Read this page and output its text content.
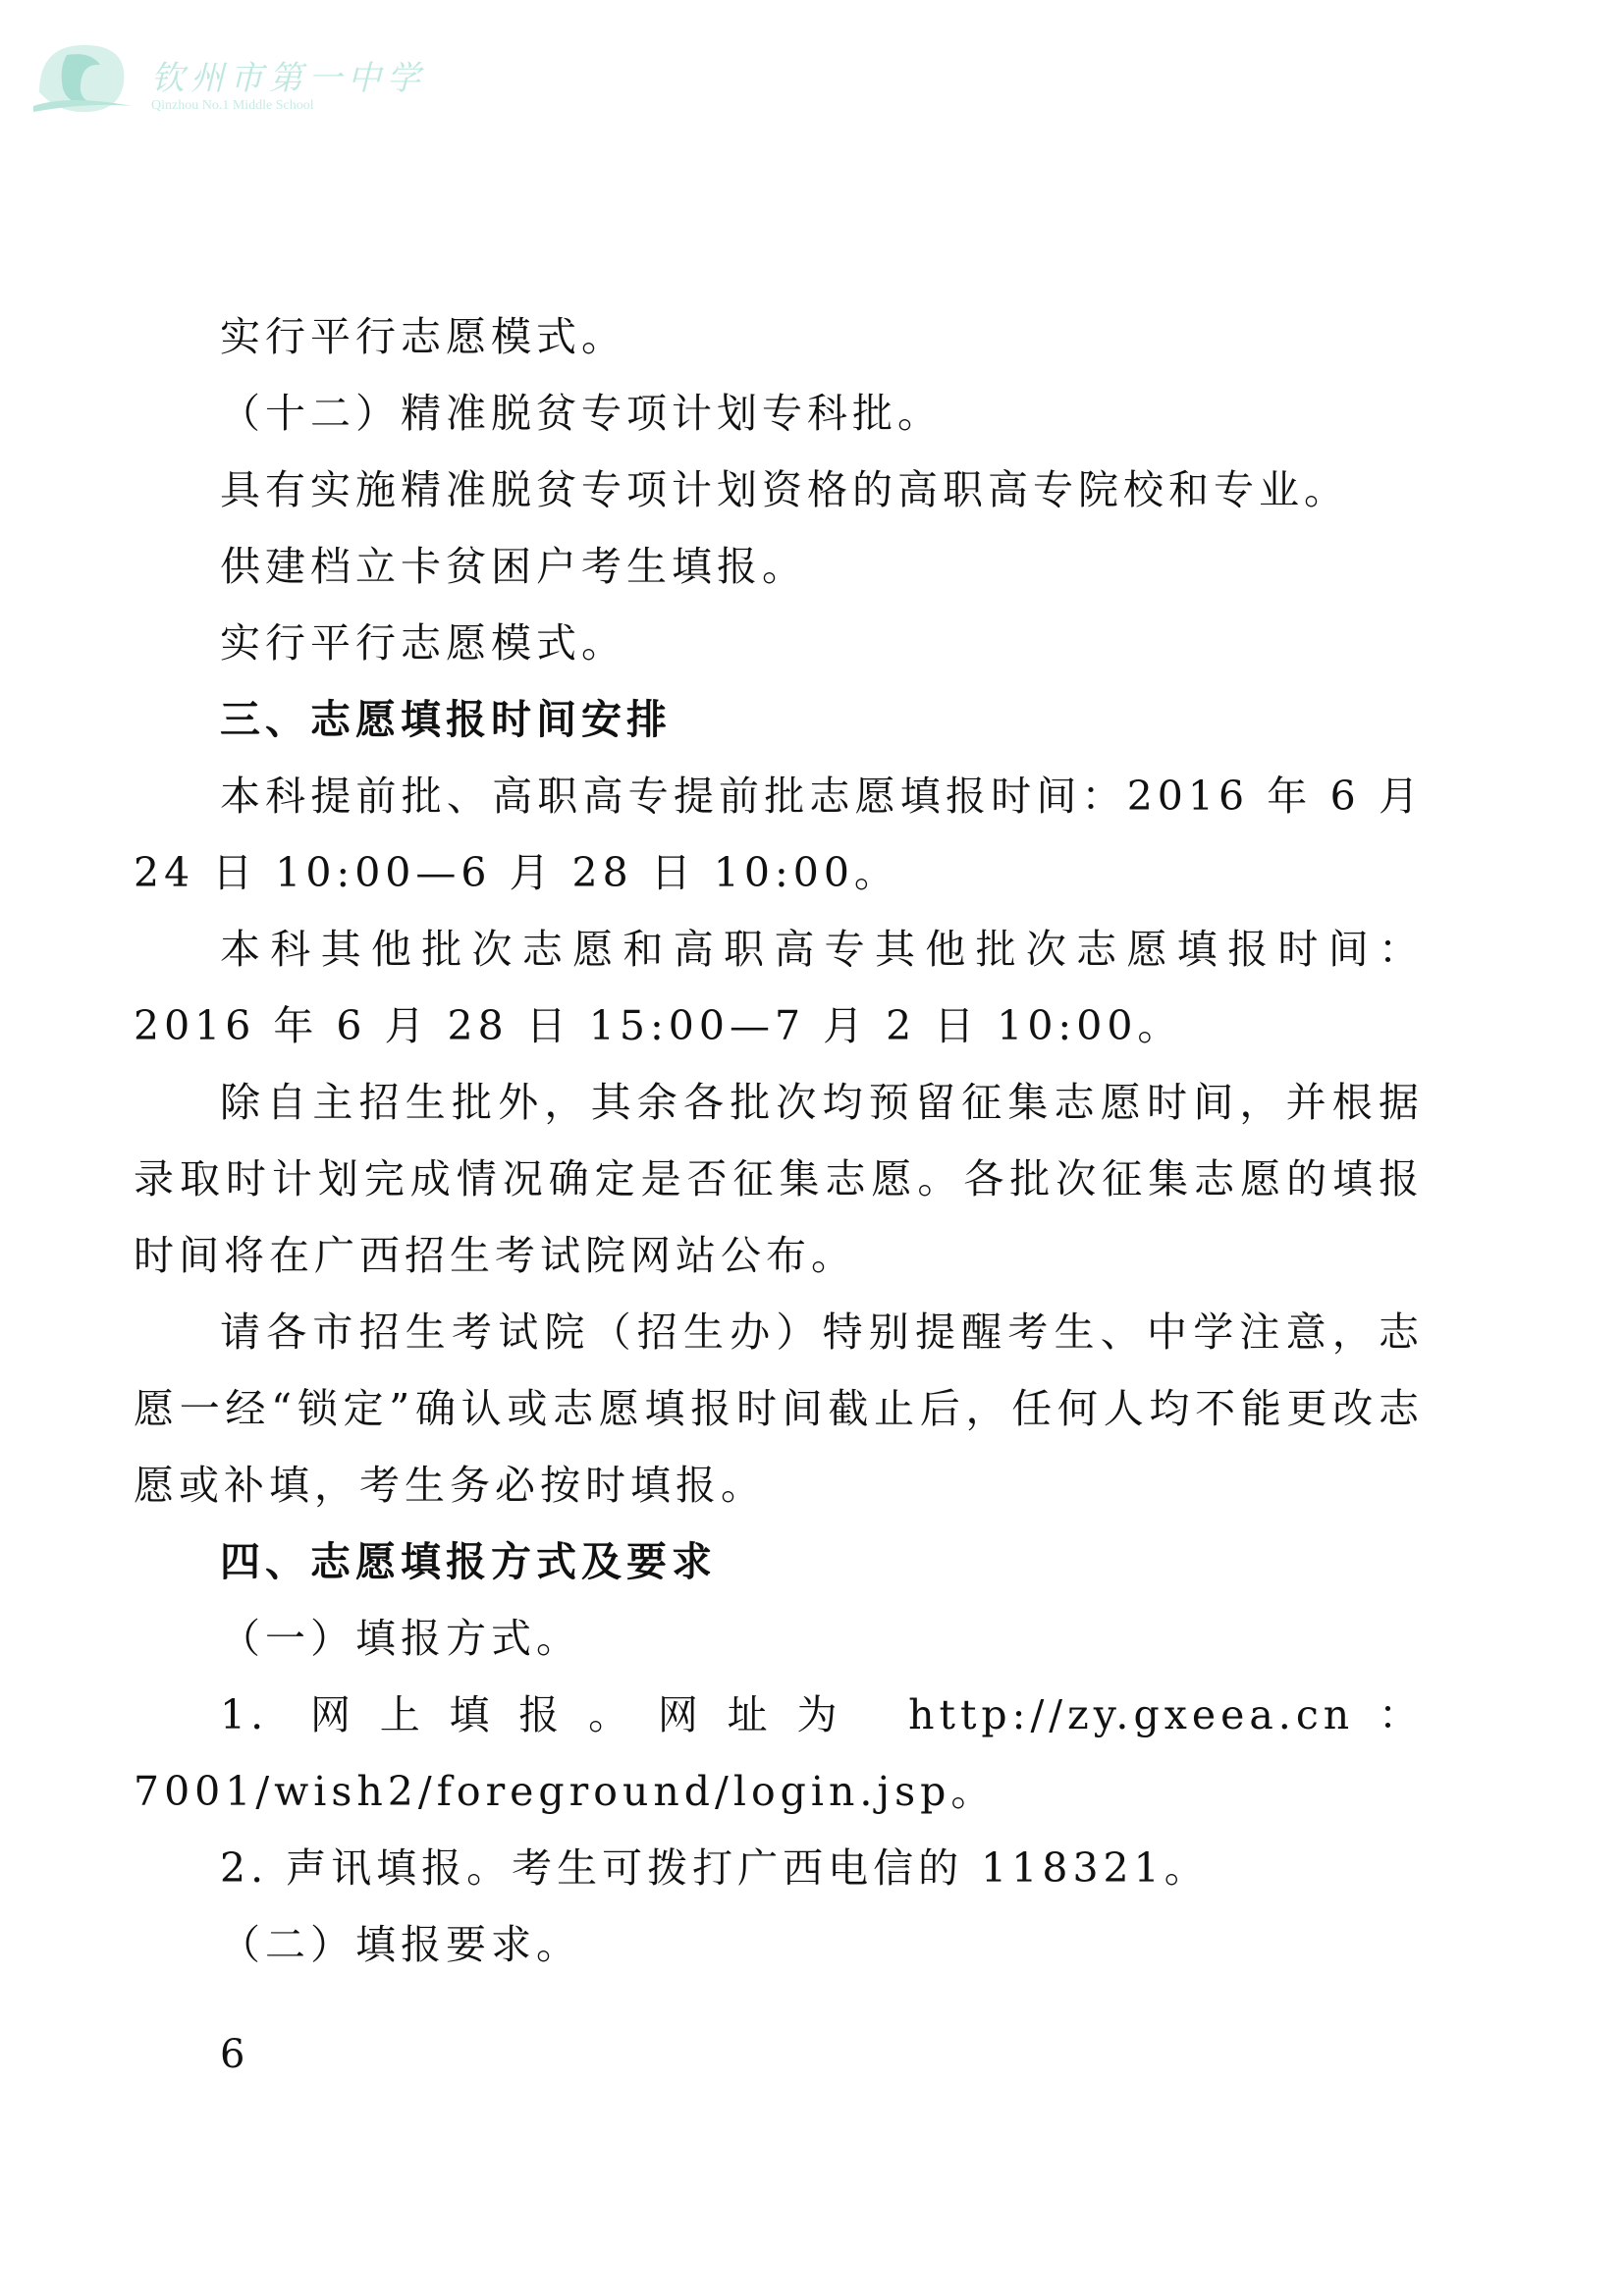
钦州市第一中学
Qinzhou No.1 Middle School

实行平行志愿模式。

（十二）精准脱贫专项计划专科批。

具有实施精准脱贫专项计划资格的高职高专院校和专业。

供建档立卡贫困户考生填报。

实行平行志愿模式。

三、志愿填报时间安排

本科提前批、高职高专提前批志愿填报时间：2016 年 6 月 24 日 10:00—6 月 28 日 10:00。

本科其他批次志愿和高职高专其他批次志愿填报时间：2016 年 6 月 28 日 15:00—7 月 2 日 10:00。

除自主招生批外，其余各批次均预留征集志愿时间，并根据录取时计划完成情况确定是否征集志愿。各批次征集志愿的填报时间将在广西招生考试院网站公布。

请各市招生考试院（招生办）特别提醒考生、中学注意，志愿一经“锁定”确认或志愿填报时间截止后，任何人均不能更改志愿或补填，考生务必按时填报。

四、志愿填报方式及要求

（一）填报方式。

1. 网上填报。网址为 http://zy.gxeea.cn：7001/wish2/foreground/login.jsp。

2. 声讯填报。考生可拨打广西电信的 118321。

（二）填报要求。

6
